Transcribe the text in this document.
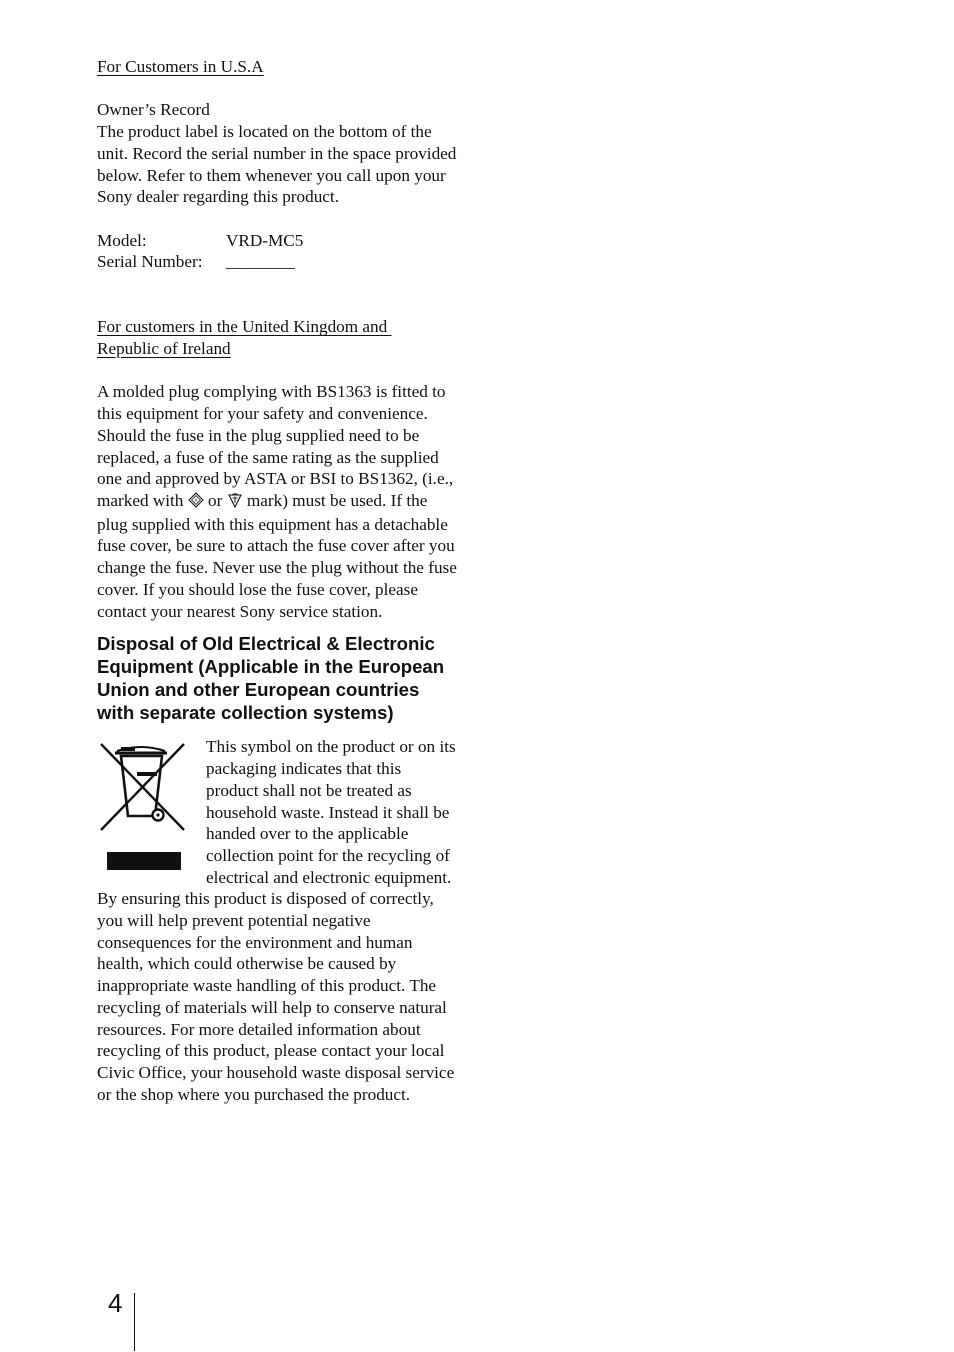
For Customers in U.S.A

Owner’s Record

The product label is located on the bottom of the unit. Record the serial number in the space provided below. Refer to them whenever you call upon your Sony dealer regarding this product.

Model:	VRD-MC5
Serial Number:	________

For customers in the United Kingdom and
Republic of Ireland

A molded plug complying with BS1363 is fitted to this equipment for your safety and convenience. Should the fuse in the plug supplied need to be replaced, a fuse of the same rating as the supplied one and approved by ASTA or BSI to BS1362, (i.e., marked with A or  mark) must be used. If the plug supplied with this equipment has a detachable fuse cover, be sure to attach the fuse cover after you change the fuse. Never use the plug without the fuse cover. If you should lose the fuse cover, please contact your nearest Sony service station.

Disposal of Old Electrical & Electronic Equipment (Applicable in the European Union and other European countries with separate collection systems)

This symbol on the product or on its packaging indicates that this product shall not be treated as household waste. Instead it shall be handed over to the applicable collection point for the recycling of electrical and electronic equipment. By ensuring this product is disposed of correctly, you will help prevent potential negative consequences for the environment and human health, which could otherwise be caused by inappropriate waste handling of this product. The recycling of materials will help to conserve natural resources. For more detailed information about recycling of this product, please contact your local Civic Office, your household waste disposal service or the shop where you purchased the product.

4
